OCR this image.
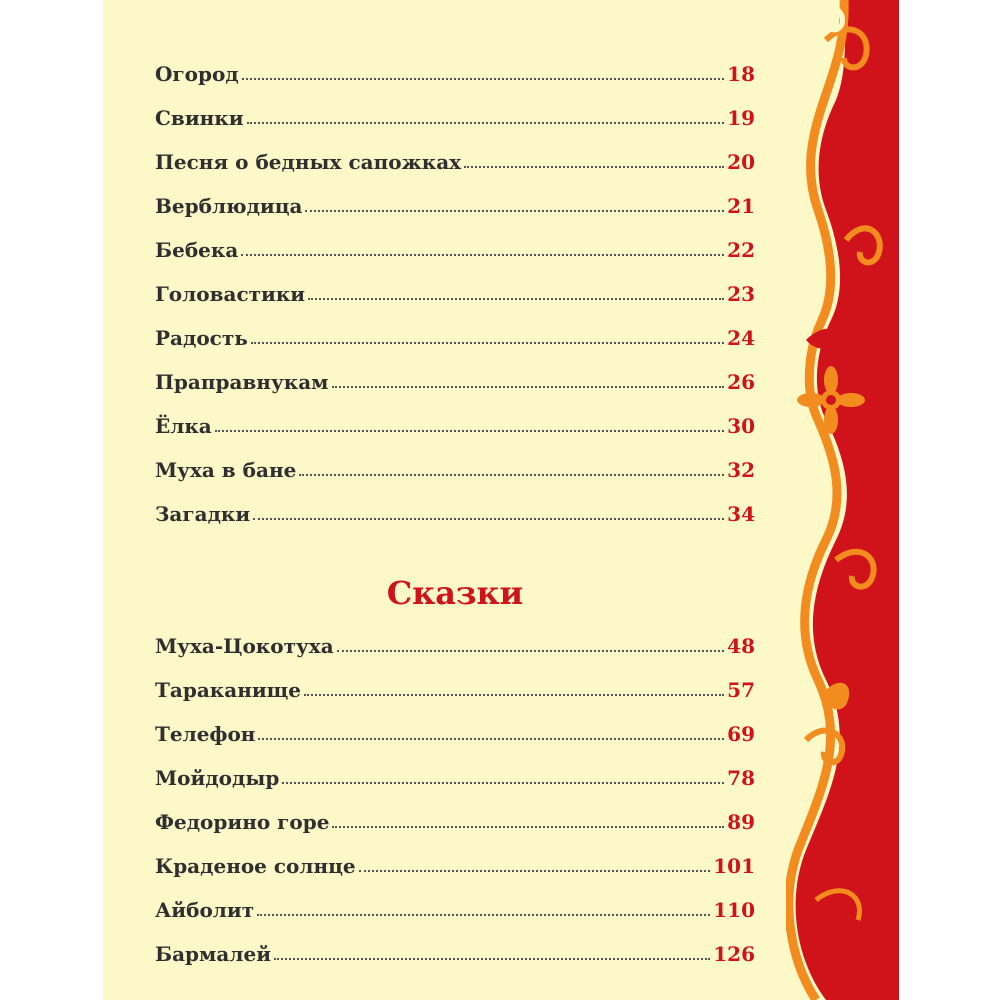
Огород	18
Свинки	19
Песня о бедных сапожках	20
Верблюдица	21
Бебека	22
Головастики	23
Радость	24
Праправнукам	26
Ёлка	30
Муха в бане	32
Загадки	34
Сказки
Муха-Цокотуха	48
Тараканище	57
Телефон	69
Мойдодыр	78
Федорино горе	89
Краденое солнце	101
Айболит	110
Бармалей	126
